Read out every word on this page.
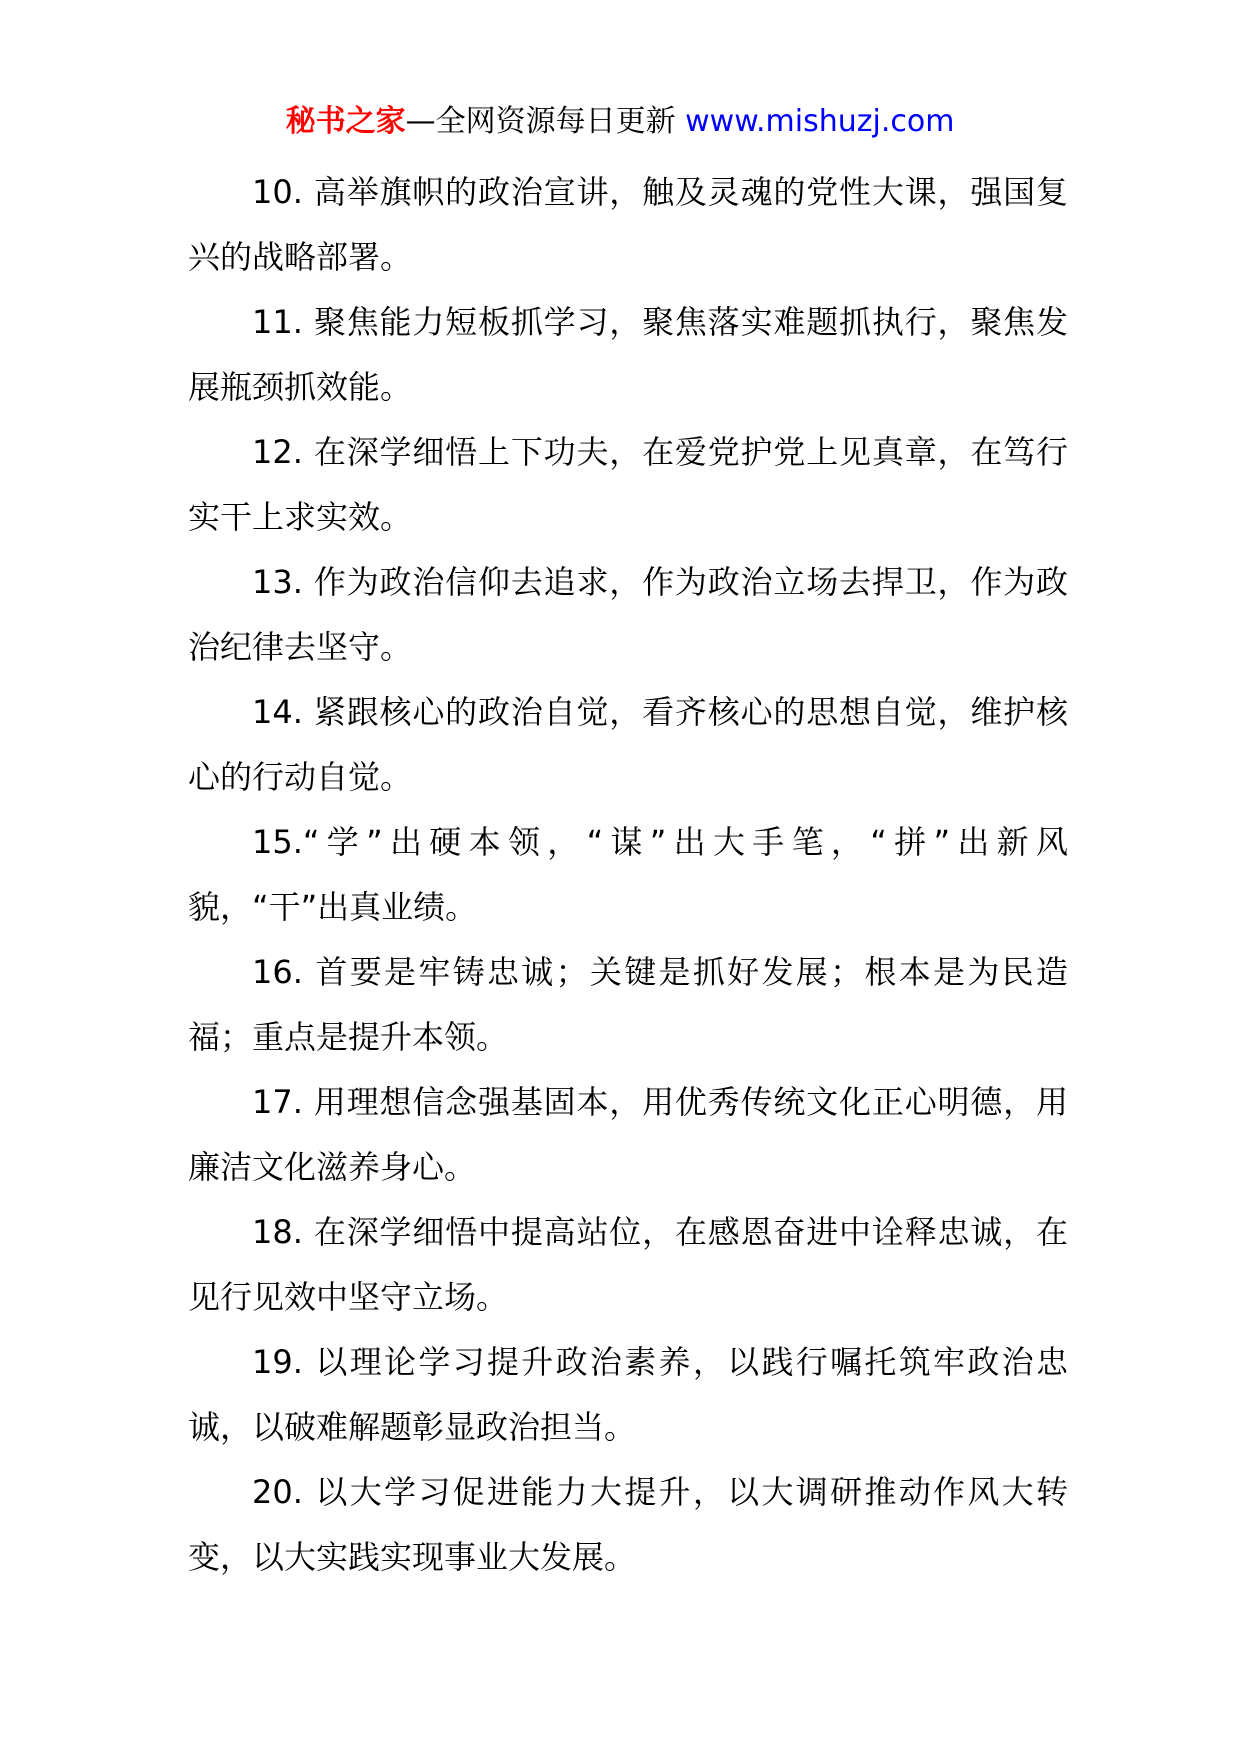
秘书之家—全网资源每日更新 www.mishuzj.com

10. 高举旗帜的政治宣讲，触及灵魂的党性大课，强国复兴的战略部署。

11. 聚焦能力短板抓学习，聚焦落实难题抓执行，聚焦发展瓶颈抓效能。

12. 在深学细悟上下功夫，在爱党护党上见真章，在笃行实干上求实效。

13. 作为政治信仰去追求，作为政治立场去捍卫，作为政治纪律去坚守。

14. 紧跟核心的政治自觉，看齐核心的思想自觉，维护核心的行动自觉。

15.“学”出硬本领，“谋”出大手笔，“拼”出新风貌，“干”出真业绩。

16. 首要是牢铸忠诚；关键是抓好发展；根本是为民造福；重点是提升本领。

17. 用理想信念强基固本，用优秀传统文化正心明德，用廉洁文化滋养身心。

18. 在深学细悟中提高站位，在感恩奋进中诠释忠诚，在见行见效中坚守立场。

19. 以理论学习提升政治素养，以践行嘱托筑牢政治忠诚，以破难解题彰显政治担当。

20. 以大学习促进能力大提升，以大调研推动作风大转变，以大实践实现事业大发展。
